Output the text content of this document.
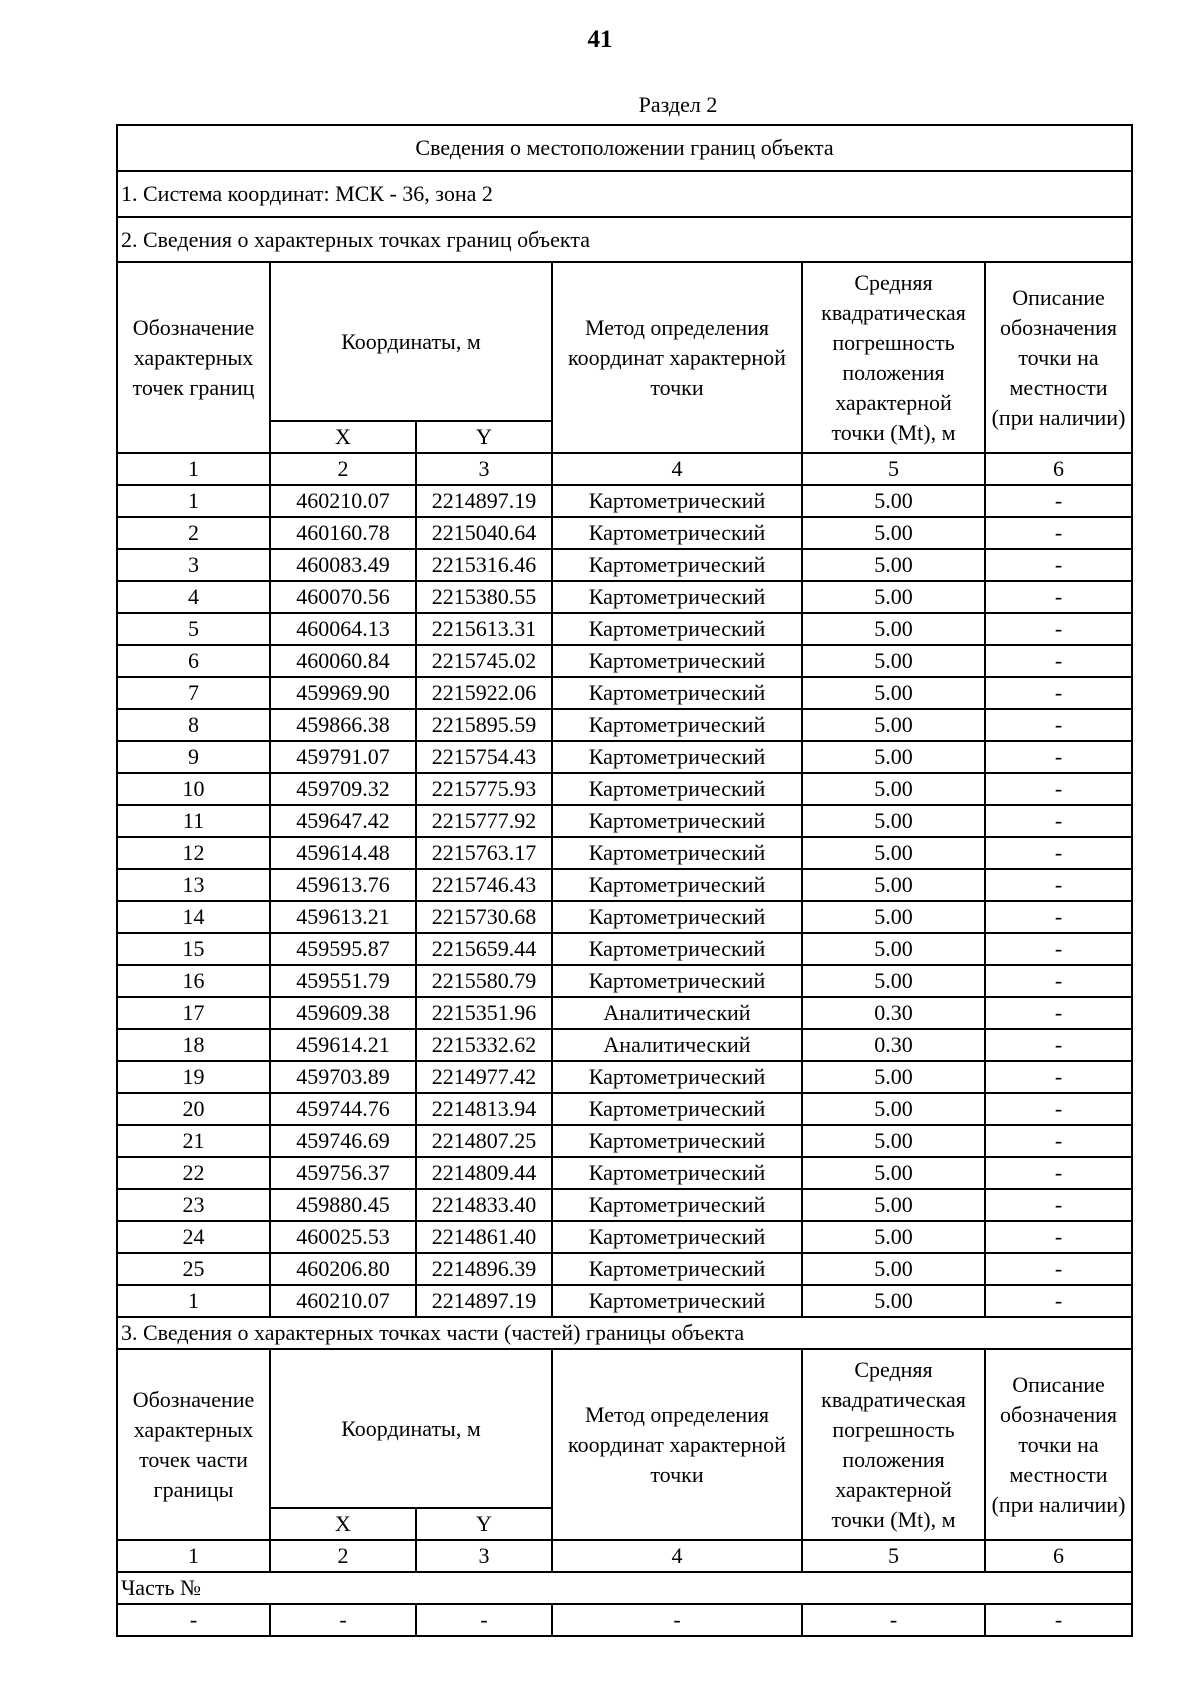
41
Раздел 2
Сведения о местоположении границ объекта					
1. Система координат: МСК - 36, зона 2					
2. Сведения о характерных точках границ объекта					
Обозначение характерных точек границ	Координаты, м		Метод определения координат характерной точки	Средняя квадратическая погрешность положения характерной точки (Mt), м	Описание обозначения точки на местности (при наличии)
	X	Y			
1	2	3	4	5	6
1	460210.07	2214897.19	Картометрический	5.00	-
2	460160.78	2215040.64	Картометрический	5.00	-
3	460083.49	2215316.46	Картометрический	5.00	-
4	460070.56	2215380.55	Картометрический	5.00	-
5	460064.13	2215613.31	Картометрический	5.00	-
6	460060.84	2215745.02	Картометрический	5.00	-
7	459969.90	2215922.06	Картометрический	5.00	-
8	459866.38	2215895.59	Картометрический	5.00	-
9	459791.07	2215754.43	Картометрический	5.00	-
10	459709.32	2215775.93	Картометрический	5.00	-
11	459647.42	2215777.92	Картометрический	5.00	-
12	459614.48	2215763.17	Картометрический	5.00	-
13	459613.76	2215746.43	Картометрический	5.00	-
14	459613.21	2215730.68	Картометрический	5.00	-
15	459595.87	2215659.44	Картометрический	5.00	-
16	459551.79	2215580.79	Картометрический	5.00	-
17	459609.38	2215351.96	Аналитический	0.30	-
18	459614.21	2215332.62	Аналитический	0.30	-
19	459703.89	2214977.42	Картометрический	5.00	-
20	459744.76	2214813.94	Картометрический	5.00	-
21	459746.69	2214807.25	Картометрический	5.00	-
22	459756.37	2214809.44	Картометрический	5.00	-
23	459880.45	2214833.40	Картометрический	5.00	-
24	460025.53	2214861.40	Картометрический	5.00	-
25	460206.80	2214896.39	Картометрический	5.00	-
1	460210.07	2214897.19	Картометрический	5.00	-
3. Сведения о характерных точках части (частей) границы объекта					
Обозначение характерных точек части границы	Координаты, м		Метод определения координат характерной точки	Средняя квадратическая погрешность положения характерной точки (Mt), м	Описание обозначения точки на местности (при наличии)
	X	Y			
1	2	3	4	5	6
Часть №					
-	-	-	-	-	-
